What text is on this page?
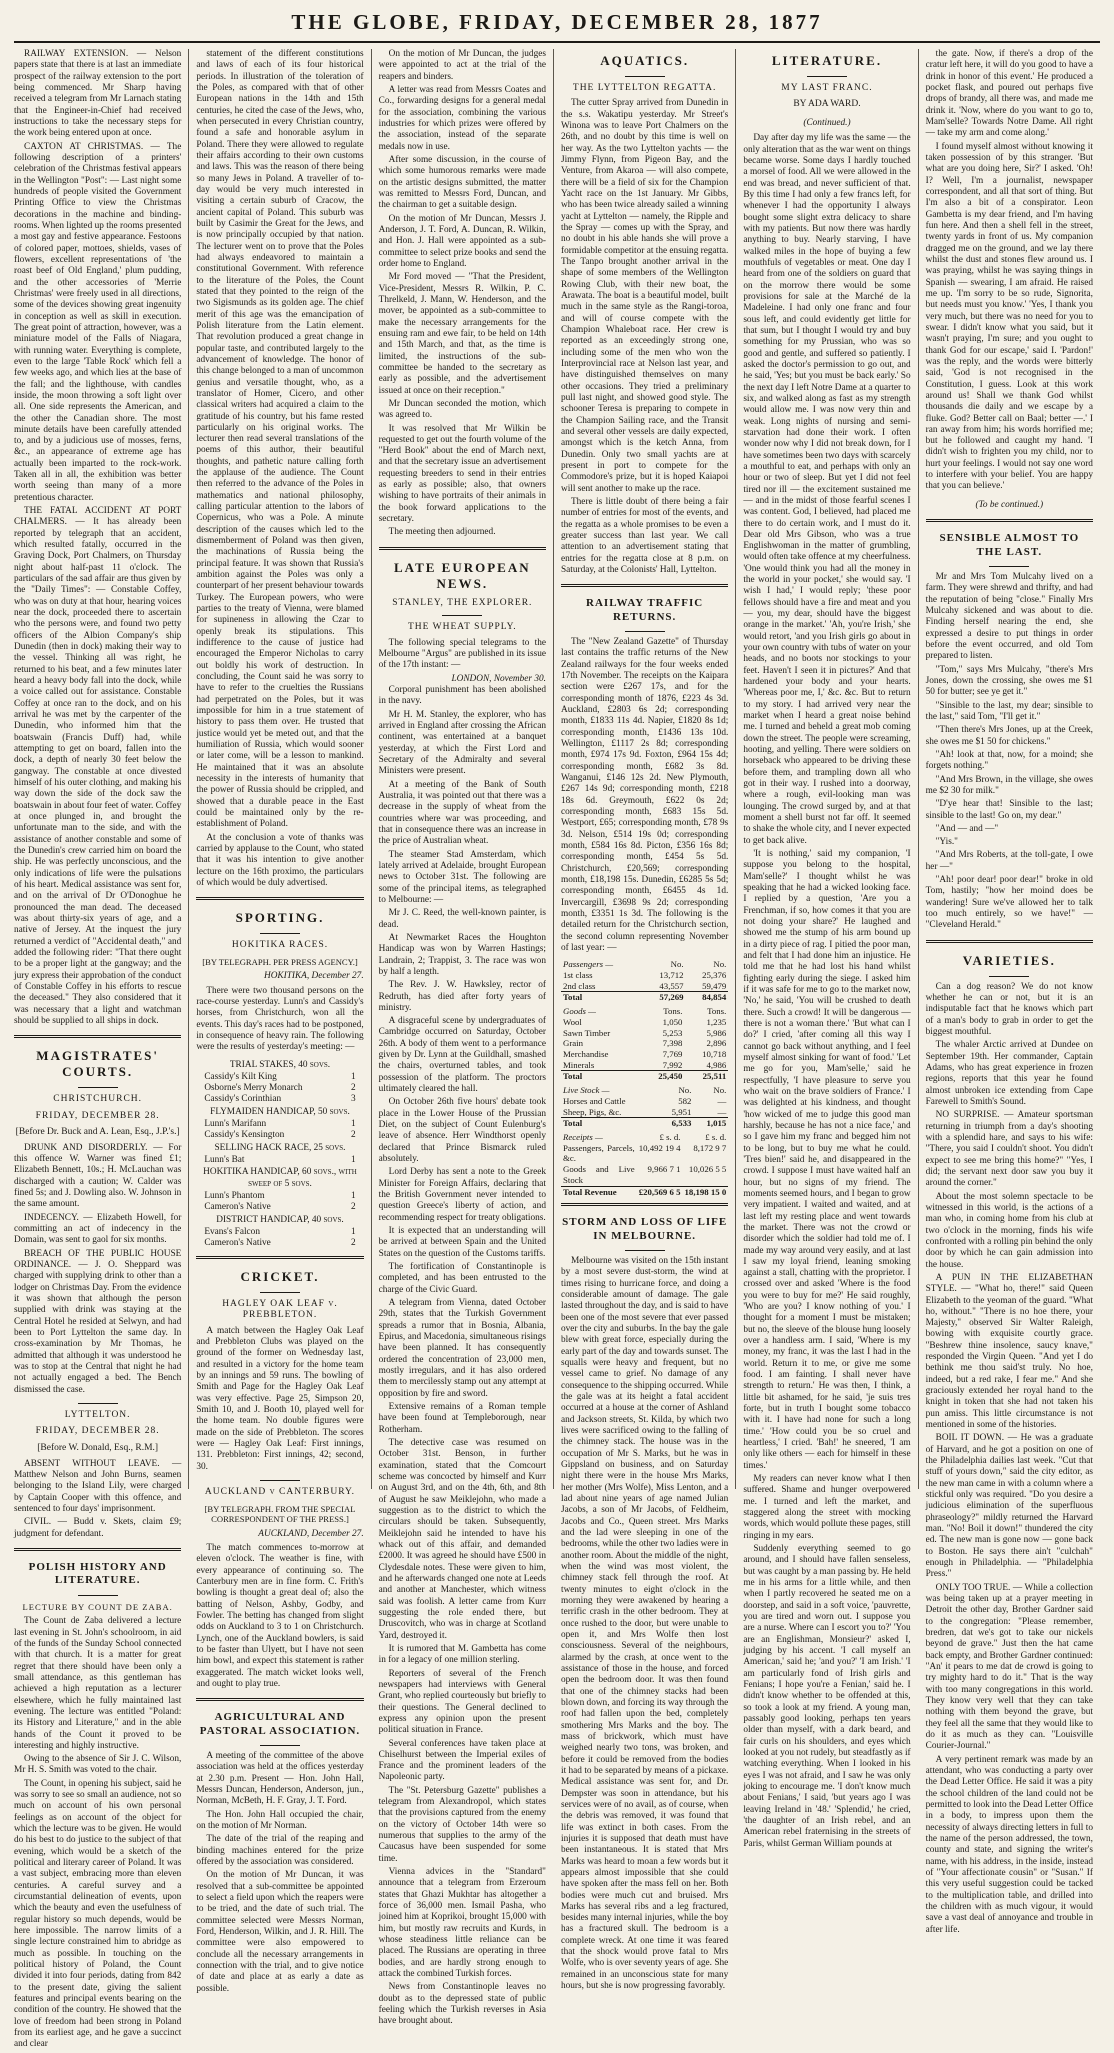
THE GLOBE, FRIDAY, DECEMBER 28, 1877

RAILWAY EXTENSION. — Nelson papers state that there is at last an immediate prospect of the railway extension to the port being commenced. Mr Sharp having received a telegram from Mr Larnach stating that the Engineer-in-Chief had received instructions to take the necessary steps for the work being entered upon at once.

CAXTON AT CHRISTMAS. — The following description of a printers' celebration of the Christmas festival appears in the Wellington "Post": — Last night some hundreds of people visited the Government Printing Office to view the Christmas decorations in the machine and binding-rooms. When lighted up the rooms presented a most gay and festive appearance. Festoons of colored paper, mottoes, shields, vases of flowers, excellent representations of 'the roast beef of Old England,' plum pudding, and the other accessories of 'Merrie Christmas' were freely used in all directions, some of the devices showing great ingenuity in conception as well as skill in execution. The great point of attraction, however, was a miniature model of the Falls of Niagara, with running water. Everything is complete, even to the large 'Table Rock' which fell a few weeks ago, and which lies at the base of the fall; and the lighthouse, with candles inside, the moon throwing a soft light over all. One side represents the American, and the other the Canadian shore. The most minute details have been carefully attended to, and by a judicious use of mosses, ferns, &c., an appearance of extreme age has actually been imparted to the rock-work. Taken all in all, the exhibition was better worth seeing than many of a more pretentious character.

THE FATAL ACCIDENT AT PORT CHALMERS. — It has already been reported by telegraph that an accident, which resulted fatally, occurred in the Graving Dock, Port Chalmers, on Thursday night about half-past 11 o'clock. The particulars of the sad affair are thus given by the "Daily Times": — Constable Coffey, who was on duty at that hour, hearing voices near the dock, proceeded there to ascertain who the persons were, and found two petty officers of the Albion Company's ship Dunedin (then in dock) making their way to the vessel. Thinking all was right, he returned to his beat, and a few minutes later heard a heavy body fall into the dock, while a voice called out for assistance. Constable Coffey at once ran to the dock, and on his arrival he was met by the carpenter of the Dunedin, who informed him that the boatswain (Francis Duff) had, while attempting to get on board, fallen into the dock, a depth of nearly 30 feet below the gangway. The constable at once divested himself of his outer clothing, and making his way down the side of the dock saw the boatswain in about four feet of water. Coffey at once plunged in, and brought the unfortunate man to the side, and with the assistance of another constable and some of the Dunedin's crew carried him on board the ship. He was perfectly unconscious, and the only indications of life were the pulsations of his heart. Medical assistance was sent for, and on the arrival of Dr O'Donoghue he pronounced the man dead. The deceased was about thirty-six years of age, and a native of Jersey. At the inquest the jury returned a verdict of "Accidental death," and added the following rider: "That there ought to be a proper light at the gangway; and the jury express their approbation of the conduct of Constable Coffey in his efforts to rescue the deceased." They also considered that it was necessary that a light and watchman should be supplied to all ships in dock.

MAGISTRATES' COURTS.
CHRISTCHURCH.
FRIDAY, DECEMBER 28.
[Before Dr. Buck and A. Lean, Esq., J.P.'s.]

DRUNK AND DISORDERLY. — For this offence W. Warner was fined £1; Elizabeth Bennett, 10s.; H. McLauchan was discharged with a caution; W. Calder was fined 5s; and J. Dowling also. W. Johnson in the same amount.

INDECENCY. — Elizabeth Howell, for committing an act of indecency in the Domain, was sent to gaol for six months.

BREACH OF THE PUBLIC HOUSE ORDINANCE. — J. O. Sheppard was charged with supplying drink to other than a lodger on Christmas Day. From the evidence it was shown that although the person supplied with drink was staying at the Central Hotel he resided at Selwyn, and had been to Port Lyttelton the same day. In cross-examination by Mr Thomas, he admitted that although it was understood he was to stop at the Central that night he had not actually engaged a bed. The Bench dismissed the case.

LYTTELTON.
FRIDAY, DECEMBER 28.
[Before W. Donald, Esq., R.M.]

ABSENT WITHOUT LEAVE. — Matthew Nelson and John Burns, seamen belonging to the Island Lily, were charged by Captain Cooper with this offence, and sentenced to four days' imprisonment.

CIVIL. — Budd v. Skets, claim £9; judgment for defendant.

POLISH HISTORY AND LITERATURE.
LECTURE BY COUNT DE ZABA.

The Count de Zaba delivered a lecture last evening in St. John's schoolroom, in aid of the funds of the Sunday School connected with that church. It is a matter for great regret that there should have been only a small attendance, as this gentleman has achieved a high reputation as a lecturer elsewhere, which he fully maintained last evening. The lecture was entitled "Poland: its History and Literature," and in the able hands of the Count it proved to be interesting and highly instructive.

Owing to the absence of Sir J. C. Wilson, Mr H. S. Smith was voted to the chair.

The Count, in opening his subject, said he was sorry to see so small an audience, not so much on account of his own personal feelings as on account of the object for which the lecture was to be given. He would do his best to do justice to the subject of that evening, which would be a sketch of the political and literary career of Poland. It was a vast subject, embracing more than eleven centuries. A careful survey and a circumstantial delineation of events, upon which the beauty and even the usefulness of regular history so much depends, would be here impossible. The narrow limits of a single lecture constrained him to abridge as much as possible. In touching on the political history of Poland, the Count divided it into four periods, dating from 842 to the present date, giving the salient features and principal events bearing on the condition of the country. He showed that the love of freedom had been strong in Poland from its earliest age, and he gave a succinct and clear

statement of the different constitutions and laws of each of its four historical periods. In illustration of the toleration of the Poles, as compared with that of other European nations in the 14th and 15th centuries, he cited the case of the Jews, who, when persecuted in every Christian country, found a safe and honorable asylum in Poland. There they were allowed to regulate their affairs according to their own customs and laws. This was the reason of there being so many Jews in Poland. A traveller of to-day would be very much interested in visiting a certain suburb of Cracow, the ancient capital of Poland. This suburb was built by Casimir the Great for the Jews, and is now principally occupied by that nation. The lecturer went on to prove that the Poles had always endeavored to maintain a constitutional Government. With reference to the literature of the Poles, the Count stated that they pointed to the reign of the two Sigismunds as its golden age. The chief merit of this age was the emancipation of Polish literature from the Latin element. That revolution produced a great change in popular taste, and contributed largely to the advancement of knowledge. The honor of this change belonged to a man of uncommon genius and versatile thought, who, as a translator of Homer, Cicero, and other classical writers had acquired a claim to the gratitude of his country, but his fame rested particularly on his original works. The lecturer then read several translations of the poems of this author, their beautiful thoughts, and pathetic nature calling forth the applause of the audience. The Count then referred to the advance of the Poles in mathematics and national philosophy, calling particular attention to the labors of Copernicus, who was a Pole. A minute description of the causes which led to the dismemberment of Poland was then given, the machinations of Russia being the principal feature. It was shown that Russia's ambition against the Poles was only a counterpart of her present behaviour towards Turkey. The European powers, who were parties to the treaty of Vienna, were blamed for supineness in allowing the Czar to openly break its stipulations. This indifference to the cause of justice had encouraged the Emperor Nicholas to carry out boldly his work of destruction. In concluding, the Count said he was sorry to have to refer to the cruelties the Russians had perpetrated on the Poles, but it was impossible for him in a true statement of history to pass them over. He trusted that justice would yet be meted out, and that the humiliation of Russia, which would sooner or later come, will be a lesson to mankind. He maintained that it was an absolute necessity in the interests of humanity that the power of Russia should be crippled, and showed that a durable peace in the East could be maintained only by the re-establishment of Poland.

At the conclusion a vote of thanks was carried by applause to the Count, who stated that it was his intention to give another lecture on the 16th proximo, the particulars of which would be duly advertised.

SPORTING.
HOKITIKA RACES.
[BY TELEGRAPH. PER PRESS AGENCY.]
HOKITIKA, December 27.

There were two thousand persons on the race-course yesterday. Lunn's and Cassidy's horses, from Christchurch, won all the events. This day's races had to be postponed, in consequence of heavy rain. The following were the results of yesterday's meeting: —

TRIAL STAKES, 40 sovs.
Cassidy's Kilt King	1
Osborne's Merry Monarch	2
Cassidy's Corinthian	3
FLYMAIDEN HANDICAP, 50 sovs.
Lunn's Marifann	1
Cassidy's Kensington	2
SELLING HACK RACE, 25 sovs.
Lunn's Bat	1
HOKITIKA HANDICAP, 60 sovs., with sweep of 5 sovs.
Lunn's Phantom	1
Cameron's Native	2
DISTRICT HANDICAP, 40 sovs.
Evans's Falcon	1
Cameron's Native	2
CRICKET.
HAGLEY OAK LEAF v. PREBBLETON.

A match between the Hagley Oak Leaf and Prebbleton Clubs was played on the ground of the former on Wednesday last, and resulted in a victory for the home team by an innings and 59 runs. The bowling of Smith and Page for the Hagley Oak Leaf was very effective. Page 25, Simpson 20, Smith 10, and J. Booth 10, played well for the home team. No double figures were made on the side of Prebbleton. The scores were — Hagley Oak Leaf: First innings, 131. Prebbleton: First innings, 42; second, 30.

AUCKLAND v CANTERBURY.
[BY TELEGRAPH. FROM THE SPECIAL CORRESPONDENT OF THE PRESS.]
AUCKLAND, December 27.

The match commences to-morrow at eleven o'clock. The weather is fine, with every appearance of continuing so. The Canterbury men are in fine form. C. Frith's bowling is thought a great deal of; also the batting of Nelson, Ashby, Godby, and Fowler. The betting has changed from slight odds on Auckland to 3 to 1 on Christchurch. Lynch, one of the Auckland bowlers, is said to be faster than Ulyett, but I have not seen him bowl, and expect this statement is rather exaggerated. The match wicket looks well, and ought to play true.

AGRICULTURAL AND PASTORAL ASSOCIATION.

A meeting of the committee of the above association was held at the offices yesterday at 2.30 p.m. Present — Hon. John Hall, Messrs Duncan, Henderson, Anderson, jun., Norman, McBeth, H. F. Gray, J. T. Ford.

The Hon. John Hall occupied the chair, on the motion of Mr Norman.

The date of the trial of the reaping and binding machines entered for the prize offered by the association was considered.

On the motion of Mr Duncan, it was resolved that a sub-committee be appointed to select a field upon which the reapers were to be tried, and the date of such trial. The committee selected were Messrs Norman, Ford, Henderson, Wilkin, and J. R. Hill. The committee were also empowered to conclude all the necessary arrangements in connection with the trial, and to give notice of date and place at as early a date as possible.

On the motion of Mr Duncan, the judges were appointed to act at the trial of the reapers and binders.

A letter was read from Messrs Coates and Co., forwarding designs for a general medal for the association, combining the various industries for which prizes were offered by the association, instead of the separate medals now in use.

After some discussion, in the course of which some humorous remarks were made on the artistic designs submitted, the matter was remitted to Messrs Ford, Duncan, and the chairman to get a suitable design.

On the motion of Mr Duncan, Messrs J. Anderson, J. T. Ford, A. Duncan, R. Wilkin, and Hon. J. Hall were appointed as a sub-committee to select prize books and send the order home to England.

Mr Ford moved — "That the President, Vice-President, Messrs R. Wilkin, P. C. Threlkeld, J. Mann, W. Henderson, and the mover, be appointed as a sub-committee to make the necessary arrangements for the ensuing ram and ewe fair, to be held on 14th and 15th March, and that, as the time is limited, the instructions of the sub-committee be handed to the secretary as early as possible, and the advertisement issued at once on their reception."

Mr Duncan seconded the motion, which was agreed to.

It was resolved that Mr Wilkin be requested to get out the fourth volume of the "Herd Book" about the end of March next, and that the secretary issue an advertisement requesting breeders to send in their entries as early as possible; also, that owners wishing to have portraits of their animals in the book forward applications to the secretary.

The meeting then adjourned.

LATE EUROPEAN NEWS.
STANLEY, THE EXPLORER.
THE WHEAT SUPPLY.

The following special telegrams to the Melbourne "Argus" are published in its issue of the 17th instant: —

LONDON, November 30.

Corporal punishment has been abolished in the navy.

Mr H. M. Stanley, the explorer, who has arrived in England after crossing the African continent, was entertained at a banquet yesterday, at which the First Lord and Secretary of the Admiralty and several Ministers were present.

At a meeting of the Bank of South Australia, it was pointed out that there was a decrease in the supply of wheat from the countries where war was proceeding, and that in consequence there was an increase in the price of Australian wheat.

The steamer Stad Amsterdam, which lately arrived at Adelaide, brought European news to October 31st. The following are some of the principal items, as telegraphed to Melbourne: —

Mr J. C. Reed, the well-known painter, is dead.

At Newmarket Races the Houghton Handicap was won by Warren Hastings; Landrain, 2; Trappist, 3. The race was won by half a length.

The Rev. J. W. Hawksley, rector of Redruth, has died after forty years of ministry.

A disgraceful scene by undergraduates of Cambridge occurred on Saturday, October 26th. A body of them went to a performance given by Dr. Lynn at the Guildhall, smashed the chairs, overturned tables, and took possession of the platform. The proctors ultimately cleared the hall.

On October 26th five hours' debate took place in the Lower House of the Prussian Diet, on the subject of Count Eulenburg's leave of absence. Herr Windthorst openly declared that Prince Bismarck ruled absolutely.

Lord Derby has sent a note to the Greek Minister for Foreign Affairs, declaring that the British Government never intended to question Greece's liberty of action, and recommending respect for treaty obligations.

It is expected that an understanding will be arrived at between Spain and the United States on the question of the Customs tariffs.

The fortification of Constantinople is completed, and has been entrusted to the charge of the Civic Guard.

A telegram from Vienna, dated October 29th, states that the Turkish Government spreads a rumor that in Bosnia, Albania, Epirus, and Macedonia, simultaneous risings have been planned. It has consequently ordered the concentration of 23,000 men, mostly irregulars, and it has also ordered them to mercilessly stamp out any attempt at opposition by fire and sword.

Extensive remains of a Roman temple have been found at Templeborough, near Rotherham.

The detective case was resumed on October 31st. Benson, in further examination, stated that the Comcourt scheme was concocted by himself and Kurr on August 3rd, and on the 4th, 6th, and 8th of August he saw Meiklejohn, who made a suggestion as to the district to which the circulars should be taken. Subsequently, Meiklejohn said he intended to have his whack out of this affair, and demanded £2000. It was agreed he should have £500 in Clydesdale notes. These were given to him, and he afterwards changed one note at Leeds and another at Manchester, which witness said was foolish. A letter came from Kurr suggesting the role ended there, but Druscovitch, who was in charge at Scotland Yard, destroyed it.

It is rumored that M. Gambetta has come in for a legacy of one million sterling.

Reporters of several of the French newspapers had interviews with General Grant, who replied courteously but briefly to their questions. The General declined to express any opinion upon the present political situation in France.

Several conferences have taken place at Chiselhurst between the Imperial exiles of France and the prominent leaders of the Napoleonic party.

The "St. Petersburg Gazette" publishes a telegram from Alexandropol, which states that the provisions captured from the enemy on the victory of October 14th were so numerous that supplies to the army of the Caucasus have been suspended for some time.

Vienna advices in the "Standard" announce that a telegram from Erzeroum states that Ghazi Mukhtar has altogether a force of 36,000 men. Ismail Pasha, who joined him at Koprikoi, brought 15,000 with him, but mostly raw recruits and Kurds, in whose steadiness little reliance can be placed. The Russians are operating in three bodies, and are hardly strong enough to attack the combined Turkish forces.

News from Constantinople leaves no doubt as to the depressed state of public feeling which the Turkish reverses in Asia have brought about.

AQUATICS.
THE LYTTELTON REGATTA.

The cutter Spray arrived from Dunedin in the s.s. Wakatipu yesterday. Mr Street's Winona was to leave Port Chalmers on the 26th, and no doubt by this time is well on her way. As the two Lyttelton yachts — the Jimmy Flynn, from Pigeon Bay, and the Venture, from Akaroa — will also compete, there will be a field of six for the Champion Yacht race on the 1st January. Mr Gibbs, who has been twice already sailed a winning yacht at Lyttelton — namely, the Ripple and the Spray — comes up with the Spray, and no doubt in his able hands she will prove a formidable competitor at the ensuing regatta. The Tanpo brought another arrival in the shape of some members of the Wellington Rowing Club, with their new boat, the Arawata. The boat is a beautiful model, built much in the same style as the Rangi-toroa, and will of course compete with the Champion Whaleboat race. Her crew is reported as an exceedingly strong one, including some of the men who won the Interprovincial race at Nelson last year, and have distinguished themselves on many other occasions. They tried a preliminary pull last night, and showed good style. The schooner Teresa is preparing to compete in the Champion Sailing race, and the Transit and several other vessels are daily expected, amongst which is the ketch Anna, from Dunedin. Only two small yachts are at present in port to compete for the Commodore's prize, but it is hoped Kaiapoi will sent another to make up the race.

There is little doubt of there being a fair number of entries for most of the events, and the regatta as a whole promises to be even a greater success than last year. We call attention to an advertisement stating that entries for the regatta close at 8 p.m. on Saturday, at the Colonists' Hall, Lyttelton.

RAILWAY TRAFFIC RETURNS.

The "New Zealand Gazette" of Thursday last contains the traffic returns of the New Zealand railways for the four weeks ended 17th November. The receipts on the Kaipara section were £267 17s, and for the corresponding month of 1876, £223 4s 3d. Auckland, £2803 6s 2d; corresponding month, £1833 11s 4d. Napier, £1820 8s 1d; corresponding month, £1436 13s 10d. Wellington, £1117 2s 8d; corresponding month, £974 17s 9d. Foxton, £964 15s 4d; corresponding month, £682 3s 8d. Wanganui, £146 12s 2d. New Plymouth, £267 14s 9d; corresponding month, £218 18s 6d. Greymouth, £622 0s 2d; corresponding month, £683 15s 5d. Westport, £65; corresponding month, £78 9s 3d. Nelson, £514 19s 0d; corresponding month, £584 16s 8d. Picton, £356 16s 8d; corresponding month, £454 5s 5d. Christchurch, £20,569; corresponding month, £18,198 15s. Dunedin, £6285 5s 5d; corresponding month, £6455 4s 1d. Invercargill, £3698 9s 2d; corresponding month, £3351 1s 3d. The following is the detailed return for the Christchurch section, the second column representing November of last year: —

Passengers —	No.	No.
1st class	13,712	25,376
2nd class	43,557	59,479
Total	57,269	84,854
Goods —	Tons.	Tons.
Wool	1,050	1,235
Sawn Timber	5,253	5,986
Grain	7,398	2,896
Merchandise	7,769	10,718
Minerals	7,992	4,986
Total	25,450	25,511
Live Stock —	No.	No.
Horses and Cattle	582	—
Sheep, Pigs, &c.	5,951	—
Total	6,533	1,015
Receipts —	£ s. d.	£ s. d.
Passengers, Parcels, &c.	10,492 19 4	8,172 9 7
Goods and Live Stock	9,966 7 1	10,026 5 5
Total Revenue	£20,569 6 5	18,198 15 0
STORM AND LOSS OF LIFE IN MELBOURNE.

Melbourne was visited on the 15th instant by a most severe dust-storm, the wind at times rising to hurricane force, and doing a considerable amount of damage. The gale lasted throughout the day, and is said to have been one of the most severe that ever passed over the city and suburbs. In the bay the gale blew with great force, especially during the early part of the day and towards sunset. The squalls were heavy and frequent, but no vessel came to grief. No damage of any consequence to the shipping occurred. While the gale was at its height a fatal accident occurred at a house at the corner of Ashland and Jackson streets, St. Kilda, by which two lives were sacrificed owing to the falling of the chimney stack. The house was in the occupation of Mr S. Marks, but he was in Gippsland on business, and on Saturday night there were in the house Mrs Marks, her mother (Mrs Wolfe), Miss Lenton, and a lad about nine years of age named Julian Jacobs, a son of Mr Jacobs, of Feldheim, Jacobs and Co., Queen street. Mrs Marks and the lad were sleeping in one of the bedrooms, while the other two ladies were in another room. About the middle of the night, when the wind was most violent, the chimney stack fell through the roof. At twenty minutes to eight o'clock in the morning they were awakened by hearing a terrific crash in the other bedroom. They at once rushed to the door, but were unable to open it, and Mrs Wolfe then lost consciousness. Several of the neighbours, alarmed by the crash, at once went to the assistance of those in the house, and forced open the bedroom door. It was then found that one of the chimney stacks had been blown down, and forcing its way through the roof had fallen upon the bed, completely smothering Mrs Marks and the boy. The mass of brickwork, which must have weighed nearly two tons, was broken, and before it could be removed from the bodies it had to be separated by means of a pickaxe. Medical assistance was sent for, and Dr. Dempster was soon in attendance, but his services were of no avail, as of course, when the debris was removed, it was found that life was extinct in both cases. From the injuries it is supposed that death must have been instantaneous. It is stated that Mrs Marks was heard to moan a few words but it appears almost impossible that she could have spoken after the mass fell on her. Both bodies were much cut and bruised. Mrs Marks has several ribs and a leg fractured, besides many internal injuries, while the boy has a fractured skull. The bedroom is a complete wreck. At one time it was feared that the shock would prove fatal to Mrs Wolfe, who is over seventy years of age. She remained in an unconscious state for many hours, but she is now progressing favorably.

LITERATURE.
MY LAST FRANC.
BY ADA WARD.
(Continued.)

Day after day my life was the same — the only alteration that as the war went on things became worse. Some days I hardly touched a morsel of food. All we were allowed in the end was bread, and never sufficient of that. By this time I had only a few francs left, for whenever I had the opportunity I always bought some slight extra delicacy to share with my patients. But now there was hardly anything to buy. Nearly starving, I have walked miles in the hope of buying a few mouthfuls of vegetables or meat. One day I heard from one of the soldiers on guard that on the morrow there would be some provisions for sale at the Marché de la Madeleine. I had only one franc and four sous left, and could evidently get little for that sum, but I thought I would try and buy something for my Prussian, who was so good and gentle, and suffered so patiently. I asked the doctor's permission to go out, and he said, 'Yes; but you must be back early.' So the next day I left Notre Dame at a quarter to six, and walked along as fast as my strength would allow me. I was now very thin and weak. Long nights of nursing and semi-starvation had done their work. I often wonder now why I did not break down, for I have sometimes been two days with scarcely a mouthful to eat, and perhaps with only an hour or two of sleep. But yet I did not feel tired nor ill — the excitement sustained me — and in the midst of those fearful scenes I was content. God, I believed, had placed me there to do certain work, and I must do it. Dear old Mrs Gibson, who was a true Englishwoman in the matter of grumbling, would often take offence at my cheerfulness. 'One would think you had all the money in the world in your pocket,' she would say. 'I wish I had,' I would reply; 'these poor fellows should have a fire and meat and you — you, my dear, should have the biggest orange in the market.' 'Ah, you're Irish,' she would retort, 'and you Irish girls go about in your own country with tubs of water on your heads, and no boots nor stockings to your feet. Haven't I seen it in pictures?' And that hardened your body and your hearts. 'Whereas poor me, I,' &c. &c. But to return to my story. I had arrived very near the market when I heard a great noise behind me. I turned and beheld a great mob coming down the street. The people were screaming, hooting, and yelling. There were soldiers on horseback who appeared to be driving these before them, and trampling down all who got in their way. I rushed into a doorway, where a rough, evil-looking man was lounging. The crowd surged by, and at that moment a shell burst not far off. It seemed to shake the whole city, and I never expected to get back alive.

'It is nothing,' said my companion, 'I suppose you belong to the hospital, Mam'selle?' I thought whilst he was speaking that he had a wicked looking face. I replied by a question, 'Are you a Frenchman, if so, how comes it that you are not doing your share?' He laughed and showed me the stump of his arm bound up in a dirty piece of rag. I pitied the poor man, and felt that I had done him an injustice. He told me that he had lost his hand whilst fighting early during the siege. I asked him if it was safe for me to go to the market now, 'No,' he said, 'You will be crushed to death there. Such a crowd! It will be dangerous — there is not a woman there.' 'But what can I do?' I cried, 'after coming all this way I cannot go back without anything, and I feel myself almost sinking for want of food.' 'Let me go for you, Mam'selle,' said he respectfully, 'I have pleasure to serve you who wait on the brave soldiers of France.' I was delighted at his kindness, and thought 'how wicked of me to judge this good man harshly, because he has not a nice face,' and so I gave him my franc and begged him not to be long, but to buy me what he could. 'Tres bien!' said he, and disappeared in the crowd. I suppose I must have waited half an hour, but no signs of my friend. The moments seemed hours, and I began to grow very impatient. I waited and waited, and at last left my resting place and went towards the market. There was not the crowd or disorder which the soldier had told me of. I made my way around very easily, and at last I saw my loyal friend, leaning smoking against a stall, chatting with the proprietor. I crossed over and asked 'Where is the food you were to buy for me?' He said roughly, 'Who are you? I know nothing of you.' I thought for a moment I must be mistaken; but no, the sleeve of the blouse hung loosely over a handless arm. I said, 'Where is my money, my franc, it was the last I had in the world. Return it to me, or give me some food. I am fainting. I shall never have strength to return.' He was then, I think, a little bit ashamed, for he said, 'je suis tres forte, but in truth I bought some tobacco with it. I have had none for such a long time.' 'How could you be so cruel and heartless,' I cried. 'Bah!' he sneered, 'I am only like others — each for himself in these times.'

My readers can never know what I then suffered. Shame and hunger overpowered me. I turned and left the market, and staggered along the street with mocking words, which would pollute these pages, still ringing in my ears.

Suddenly everything seemed to go around, and I should have fallen senseless, but was caught by a man passing by. He held me in his arms for a little while, and then when I partly recovered he seated me on a doorstep, and said in a soft voice, 'pauvrette, you are tired and worn out. I suppose you are a nurse. Where can I escort you to?' 'You are an Englishman, Monsieur?' asked I, judging by his accent. 'I call myself an American,' said he; 'and you?' 'I am Irish.' 'I am particularly fond of Irish girls and Fenians; I hope you're a Fenian,' said he. I didn't know whether to be offended at this, so took a look at my friend. A young man, passably good looking, perhaps ten years older than myself, with a dark beard, and fair curls on his shoulders, and eyes which looked at you not rudely, but steadfastly as if watching everything. When I looked in his eyes I was not afraid, and I saw he was only joking to encourage me. 'I don't know much about Fenians,' I said, 'but years ago I was leaving Ireland in '48.' 'Splendid,' he cried, 'the daughter of an Irish rebel, and an American rebel fraternising in the streets of Paris, whilst German William pounds at

the gate. Now, if there's a drop of the cratur left here, it will do you good to have a drink in honor of this event.' He produced a pocket flask, and poured out perhaps five drops of brandy, all there was, and made me drink it. 'Now, where do you want to go to, Mam'selle? Towards Notre Dame. All right — take my arm and come along.'

I found myself almost without knowing it taken possession of by this stranger. 'But what are you doing here, Sir?' I asked. 'Oh! I? Well, I'm a journalist, newspaper correspondent, and all that sort of thing. But I'm also a bit of a conspirator. Leon Gambetta is my dear friend, and I'm having fun here. And then a shell fell in the street, twenty yards in front of us. My companion dragged me on the ground, and we lay there whilst the dust and stones flew around us. I was praying, whilst he was saying things in Spanish — swearing, I am afraid. He raised me up. 'I'm sorry to be so rude, Signorita, but needs must you know.' 'Yes, I thank you very much, but there was no need for you to swear. I didn't know what you said, but it wasn't praying, I'm sure; and you ought to thank God for our escape,' said I. 'Pardon!' was the reply, and the words were bitterly said, 'God is not recognised in the Constitution, I guess. Look at this work around us! Shall we thank God whilst thousands die daily and we escape by a fluke. God? Better call on Baal; better —.' I ran away from him; his words horrified me; but he followed and caught my hand. 'I didn't wish to frighten you my child, nor to hurt your feelings. I would not say one word to interfere with your belief. You are happy that you can believe.'

(To be continued.)
SENSIBLE ALMOST TO THE LAST.

Mr and Mrs Tom Mulcahy lived on a farm. They were shrewd and thrifty, and had the reputation of being "close." Finally Mrs Mulcahy sickened and was about to die. Finding herself nearing the end, she expressed a desire to put things in order before the event occurred, and old Tom prepared to listen.

"Tom," says Mrs Mulcahy, "there's Mrs Jones, down the crossing, she owes me $1 50 for butter; see ye get it."

"Sinsible to the last, my dear; sinsible to the last," said Tom, "I'll get it."

"Then there's Mrs Jones, up at the Creek, she owes me $1 50 for chickens."

"Ah! look at that, now, for a moind; she forgets nothing."

"And Mrs Brown, in the village, she owes me $2 30 for milk."

"D'ye hear that! Sinsible to the last; sinsible to the last! Go on, my dear."

"And — and —"

"Yis."

"And Mrs Roberts, at the toll-gate, I owe her —"

"Ah! poor dear! poor dear!" broke in old Tom, hastily; "how her moind does be wandering! Sure we've allowed her to talk too much entirely, so we have!" — "Cleveland Herald."

VARIETIES.

Can a dog reason? We do not know whether he can or not, but it is an indisputable fact that he knows which part of a man's body to grab in order to get the biggest mouthful.

The whaler Arctic arrived at Dundee on September 19th. Her commander, Captain Adams, who has great experience in frozen regions, reports that this year he found almost unbroken ice extending from Cape Farewell to Smith's Sound.

NO SURPRISE. — Amateur sportsman returning in triumph from a day's shooting with a splendid hare, and says to his wife: "There, you said I couldn't shoot. You didn't expect to see me bring this home?" "Yes, I did; the servant next door saw you buy it around the corner."

About the most solemn spectacle to be witnessed in this world, is the actions of a man who, in coming home from his club at two o'clock in the morning, finds his wife confronted with a rolling pin behind the only door by which he can gain admission into the house.

A PUN IN THE ELIZABETHAN STYLE. — "What ho, there!" said Queen Elizabeth to the yeoman of the guard. "What ho, without." "There is no hoe there, your Majesty," observed Sir Walter Raleigh, bowing with exquisite courtly grace. "Beshrew thine insolence, saucy knave," responded the Virgin Queen. "And yet I do bethink me thou said'st truly. No hoe, indeed, but a red rake, I fear me." And she graciously extended her royal hand to the knight in token that she had not taken his pun amiss. This little circumstance is not mentioned in some of the histories.

BOIL IT DOWN. — He was a graduate of Harvard, and he got a position on one of the Philadelphia dailies last week. "Cut that stuff of yours down," said the city editor, as the new man came in with a column where a stickful only was required. "Do you desire a judicious elimination of the superfluous phraseology?" mildly returned the Harvard man. "No! Boil it down!" thundered the city ed. The new man is gone now — gone back to Boston. He says there ain't "culchah" enough in Philadelphia. — "Philadelphia Press."

ONLY TOO TRUE. — While a collection was being taken up at a prayer meeting in Detroit the other day, Brother Gardner said to the congregation: "Please remember, bredren, dat we's got to take our nickels beyond de grave." Just then the hat came back empty, and Brother Gardner continued: "An' it pears to me dat de crowd is going to try mighty hard to do it." That is the way with too many congregations in this world. They know very well that they can take nothing with them beyond the grave, but they feel all the same that they would like to do it as much as they can. "Louisville Courier-Journal."

A very pertinent remark was made by an attendant, who was conducting a party over the Dead Letter Office. He said it was a pity the school children of the land could not be permitted to look into the Dead Letter Office in a body, to impress upon them the necessity of always directing letters in full to the name of the person addressed, the town, county and state, and signing the writer's name, with his address, in the inside, instead of "Your affectionate cousin" or "Susan." If this very useful suggestion could be tacked to the multiplication table, and drilled into the children with as much vigour, it would save a vast deal of annoyance and trouble in after life.
